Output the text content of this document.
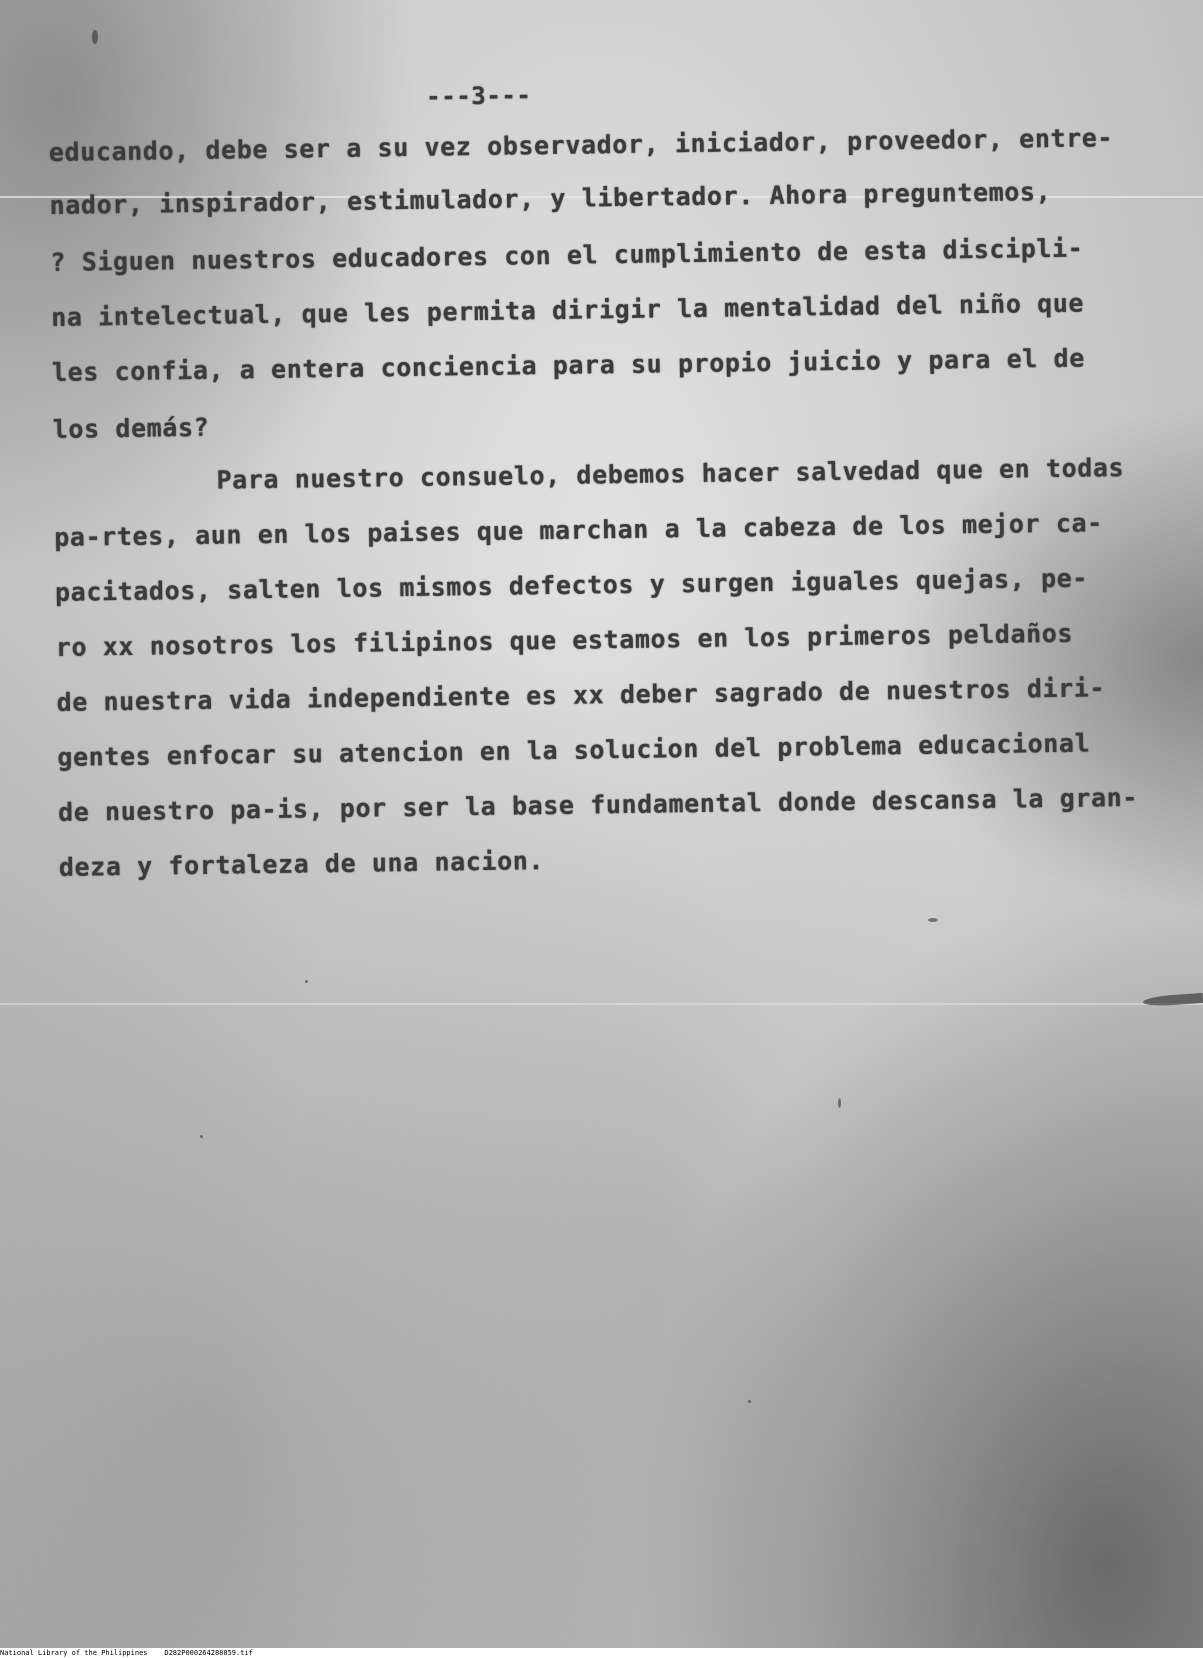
---3---
educando, debe ser a su vez observador, iniciador, proveedor, entre-
nador, inspirador, estimulador, y libertador. Ahora preguntemos,
? Siguen nuestros educadores con el cumplimiento de esta discipli-
na intelectual, que les permita dirigir la mentalidad del niño que
les confia, a entera conciencia para su propio juicio y para el de
los demás?
Para nuestro consuelo, debemos hacer salvedad que en todas
pa-rtes, aun en los paises que marchan a la cabeza de los mejor ca-
pacitados, salten los mismos defectos y surgen iguales quejas, pe-
ro xx nosotros los filipinos que estamos en los primeros peldaños
de nuestra vida independiente es xx deber sagrado de nuestros diri-
gentes enfocar su atencion en la solucion del problema educacional
de nuestro pa-is, por ser la base fundamental donde descansa la gran-
deza y fortaleza de una nacion.
National Library of the Philippines D282P000264288059.tif
